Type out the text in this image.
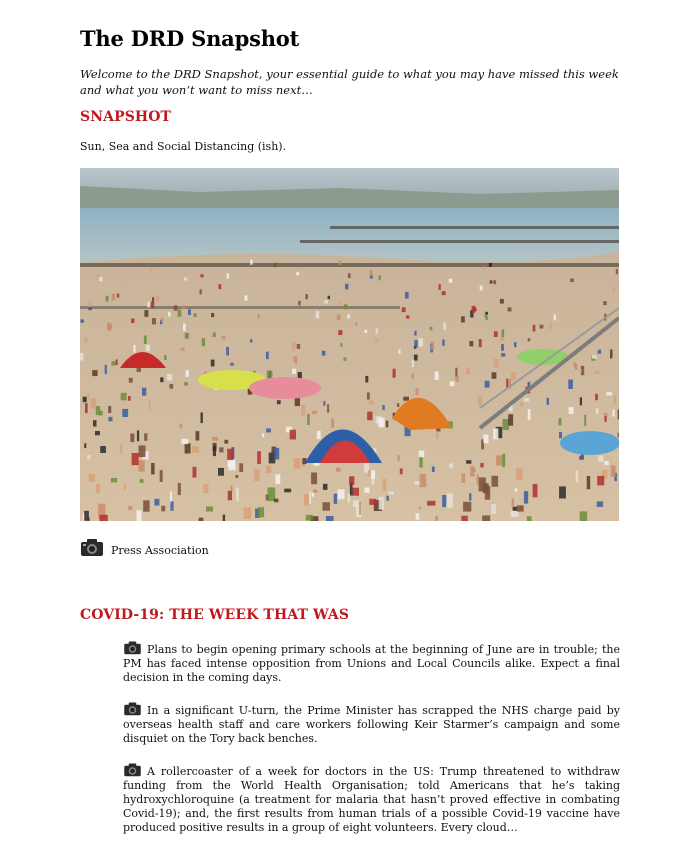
The DRD Snapshot

Welcome to the DRD Snapshot, your essential guide to what you may have missed this week and what you won’t want to miss next…

SNAPSHOT

Sun, Sea and Social Distancing (ish).

Press Association
COVID-19: THE WEEK THAT WAS
Plans to begin opening primary schools at the beginning of June are in trouble; the PM has faced intense opposition from Unions and Local Councils alike. Expect a final decision in the coming days.
In a significant U-turn, the Prime Minister has scrapped the NHS charge paid by overseas health staff and care workers following Keir Starmer’s campaign and some disquiet on the Tory back benches.
A rollercoaster of a week for doctors in the US: Trump threatened to withdraw funding from the World Health Organisation; told Americans that he’s taking hydroxychloroquine (a treatment for malaria that hasn’t proved effective in combating Covid-19); and, the first results from human trials of a possible Covid-19 vaccine have produced positive results in a group of eight volunteers. Every cloud…
